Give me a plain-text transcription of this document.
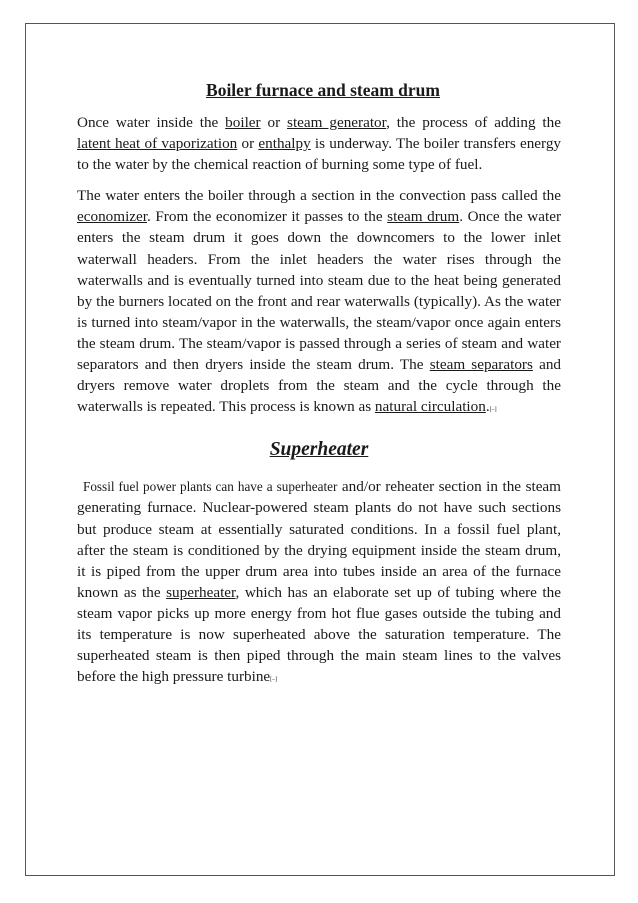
Boiler furnace and steam drum

Once water inside the boiler or steam generator, the process of adding the latent heat of vaporization or enthalpy is underway. The boiler transfers energy to the water by the chemical reaction of burning some type of fuel.

The water enters the boiler through a section in the convection pass called the economizer. From the economizer it passes to the steam drum. Once the water enters the steam drum it goes down the downcomers to the lower inlet waterwall headers. From the inlet headers the water rises through the waterwalls and is eventually turned into steam due to the heat being generated by the burners located on the front and rear waterwalls (typically). As the water is turned into steam/vapor in the waterwalls, the steam/vapor once again enters the steam drum. The steam/vapor is passed through a series of steam and water separators and then dryers inside the steam drum. The steam separators and dryers remove water droplets from the steam and the cycle through the waterwalls is repeated. This process is known as natural circulation.[–]

Superheater

Fossil fuel power plants can have a superheater and/or reheater section in the steam generating furnace. Nuclear-powered steam plants do not have such sections but produce steam at essentially saturated conditions. In a fossil fuel plant, after the steam is conditioned by the drying equipment inside the steam drum, it is piped from the upper drum area into tubes inside an area of the furnace known as the superheater, which has an elaborate set up of tubing where the steam vapor picks up more energy from hot flue gases outside the tubing and its temperature is now superheated above the saturation temperature. The superheated steam is then piped through the main steam lines to the valves before the high pressure turbine[–]
